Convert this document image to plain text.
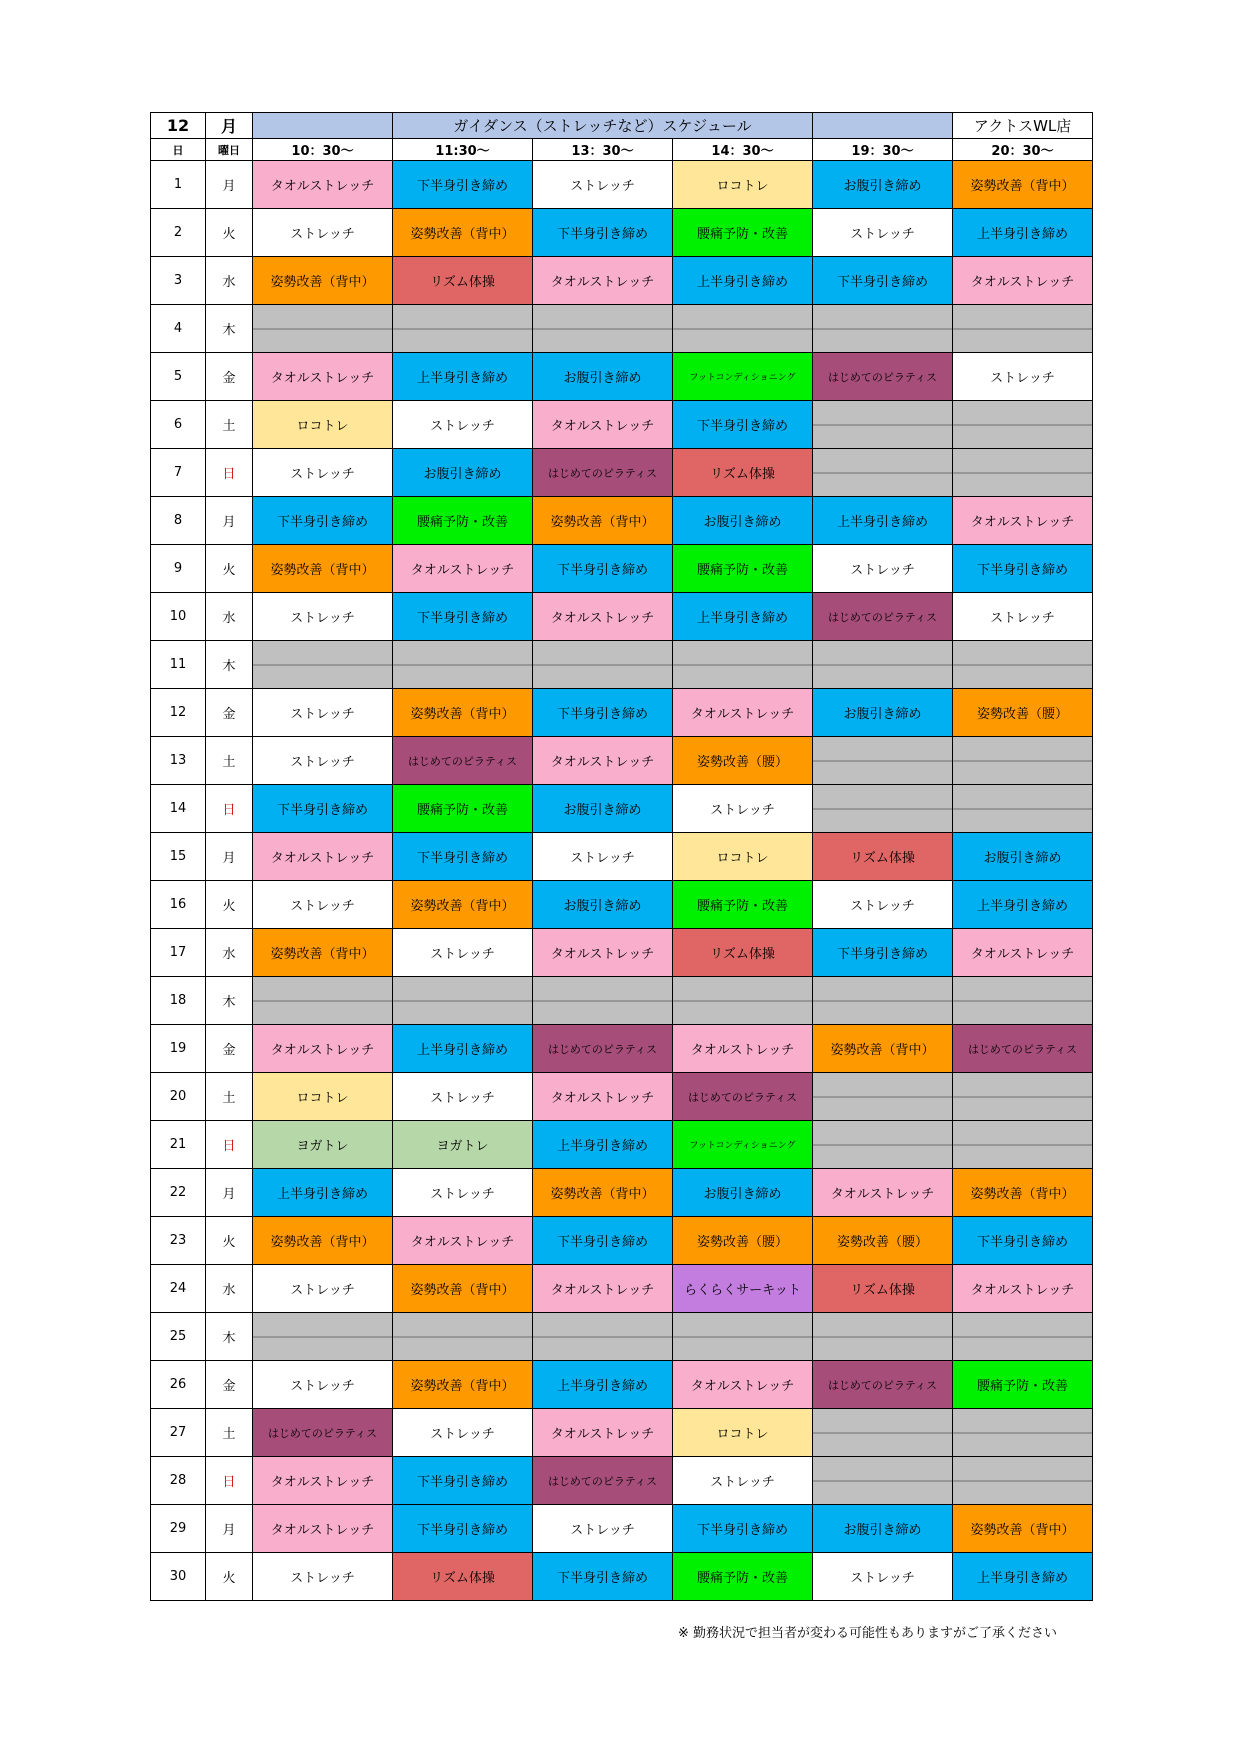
12	月		ガイダンス（ストレッチなど）スケジュール				アクトスWL店
日	曜日	10：30～	11:30～	13：30～	14：30～	19：30～	20：30～
1	月	タオルストレッチ	下半身引き締め	ストレッチ	ロコトレ	お腹引き締め	姿勢改善（背中）
2	火	ストレッチ	姿勢改善（背中）	下半身引き締め	腰痛予防・改善	ストレッチ	上半身引き締め
3	水	姿勢改善（背中）	リズム体操	タオルストレッチ	上半身引き締め	下半身引き締め	タオルストレッチ
4	木						
5	金	タオルストレッチ	上半身引き締め	お腹引き締め	フットコンディショニング	はじめてのピラティス	ストレッチ
6	土	ロコトレ	ストレッチ	タオルストレッチ	下半身引き締め		
7	日	ストレッチ	お腹引き締め	はじめてのピラティス	リズム体操		
8	月	下半身引き締め	腰痛予防・改善	姿勢改善（背中）	お腹引き締め	上半身引き締め	タオルストレッチ
9	火	姿勢改善（背中）	タオルストレッチ	下半身引き締め	腰痛予防・改善	ストレッチ	下半身引き締め
10	水	ストレッチ	下半身引き締め	タオルストレッチ	上半身引き締め	はじめてのピラティス	ストレッチ
11	木						
12	金	ストレッチ	姿勢改善（背中）	下半身引き締め	タオルストレッチ	お腹引き締め	姿勢改善（腰）
13	土	ストレッチ	はじめてのピラティス	タオルストレッチ	姿勢改善（腰）		
14	日	下半身引き締め	腰痛予防・改善	お腹引き締め	ストレッチ		
15	月	タオルストレッチ	下半身引き締め	ストレッチ	ロコトレ	リズム体操	お腹引き締め
16	火	ストレッチ	姿勢改善（背中）	お腹引き締め	腰痛予防・改善	ストレッチ	上半身引き締め
17	水	姿勢改善（背中）	ストレッチ	タオルストレッチ	リズム体操	下半身引き締め	タオルストレッチ
18	木						
19	金	タオルストレッチ	上半身引き締め	はじめてのピラティス	タオルストレッチ	姿勢改善（背中）	はじめてのピラティス
20	土	ロコトレ	ストレッチ	タオルストレッチ	はじめてのピラティス		
21	日	ヨガトレ	ヨガトレ	上半身引き締め	フットコンディショニング		
22	月	上半身引き締め	ストレッチ	姿勢改善（背中）	お腹引き締め	タオルストレッチ	姿勢改善（背中）
23	火	姿勢改善（背中）	タオルストレッチ	下半身引き締め	姿勢改善（腰）	姿勢改善（腰）	下半身引き締め
24	水	ストレッチ	姿勢改善（背中）	タオルストレッチ	らくらくサーキット	リズム体操	タオルストレッチ
25	木						
26	金	ストレッチ	姿勢改善（背中）	上半身引き締め	タオルストレッチ	はじめてのピラティス	腰痛予防・改善
27	土	はじめてのピラティス	ストレッチ	タオルストレッチ	ロコトレ		
28	日	タオルストレッチ	下半身引き締め	はじめてのピラティス	ストレッチ		
29	月	タオルストレッチ	下半身引き締め	ストレッチ	下半身引き締め	お腹引き締め	姿勢改善（背中）
30	火	ストレッチ	リズム体操	下半身引き締め	腰痛予防・改善	ストレッチ	上半身引き締め
※ 勤務状況で担当者が変わる可能性もありますがご了承ください
